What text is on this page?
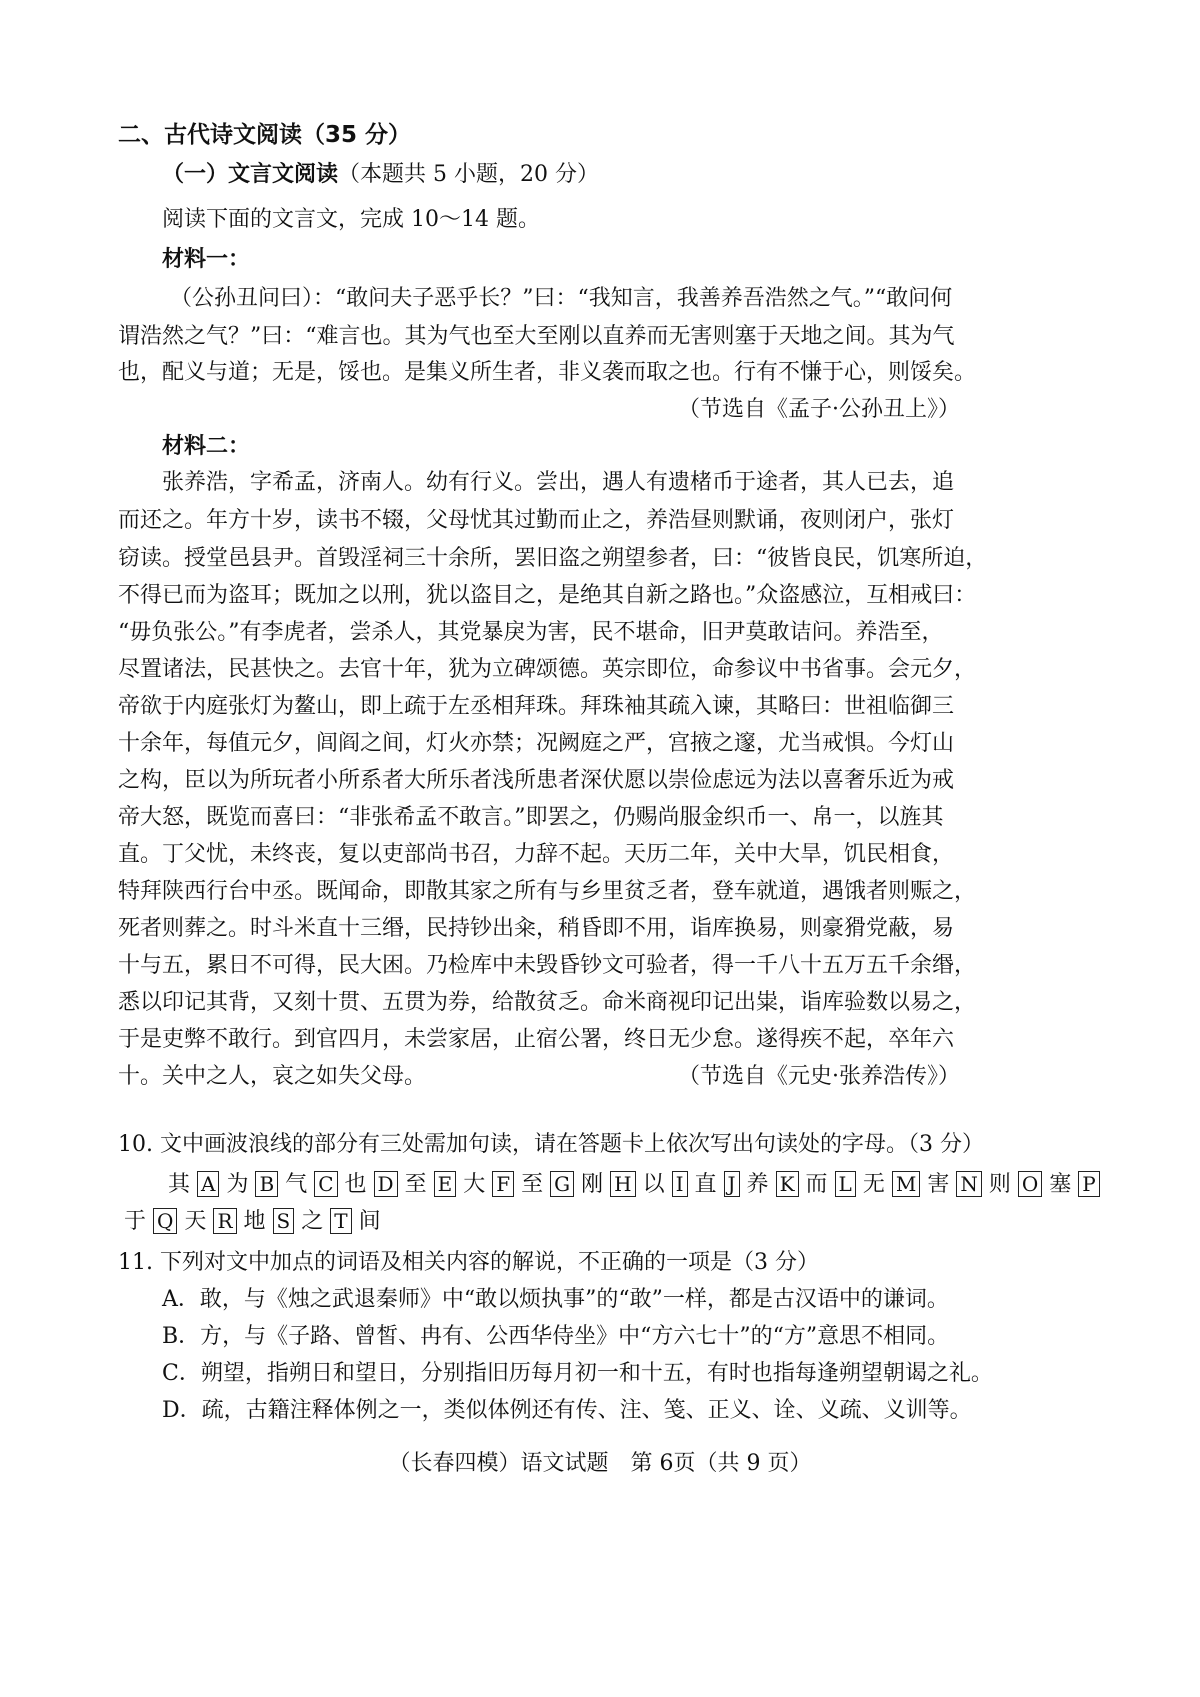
二、古代诗文阅读（35 分）
（一）文言文阅读（本题共 5 小题，20 分）
阅读下面的文言文，完成 10～14 题。
材料一：
（公孙丑问曰）：“敢问夫子恶乎长？”曰：“我知言，我善养吾浩然之气。”“敢问何
谓浩然之气？”曰：“难言也。其为气也至大至刚以直养而无害则塞于天地之间。其为气
也，配义与道；无是，馁也。是集义所生者，非义袭而取之也。行有不慊于心，则馁矣。
（节选自《孟子·公孙丑上》）
材料二：
张养浩，字希孟，济南人。幼有行义。尝出，遇人有遗楮币于途者，其人已去，追
而还之。年方十岁，读书不辍，父母忧其过勤而止之，养浩昼则默诵，夜则闭户，张灯
窃读。授堂邑县尹。首毁淫祠三十余所，罢旧盗之朔望参者，曰：“彼皆良民，饥寒所迫，
不得已而为盗耳；既加之以刑，犹以盗目之，是绝其自新之路也。”众盗感泣，互相戒曰：
“毋负张公。”有李虎者，尝杀人，其党暴戾为害，民不堪命，旧尹莫敢诘问。养浩至，
尽置诸法，民甚快之。去官十年，犹为立碑颂德。英宗即位，命参议中书省事。会元夕，
帝欲于内庭张灯为鳌山，即上疏于左丞相拜珠。拜珠袖其疏入谏，其略曰：世祖临御三
十余年，每值元夕，闾阎之间，灯火亦禁；况阙庭之严，宫掖之邃，尤当戒惧。今灯山
之构，臣以为所玩者小所系者大所乐者浅所患者深伏愿以崇俭虑远为法以喜奢乐近为戒
帝大怒，既览而喜曰：“非张希孟不敢言。”即罢之，仍赐尚服金织币一、帛一，以旌其
直。丁父忧，未终丧，复以吏部尚书召，力辞不起。天历二年，关中大旱，饥民相食，
特拜陕西行台中丞。既闻命，即散其家之所有与乡里贫乏者，登车就道，遇饿者则赈之，
死者则葬之。时斗米直十三缗，民持钞出籴，稍昏即不用，诣库换易，则豪猾党蔽，易
十与五，累日不可得，民大困。乃检库中未毁昏钞文可验者，得一千八十五万五千余缗，
悉以印记其背，又刻十贯、五贯为券，给散贫乏。命米商视印记出粜，诣库验数以易之，
于是吏弊不敢行。到官四月，未尝家居，止宿公署，终日无少怠。遂得疾不起，卒年六
十。关中之人，哀之如失父母。	（节选自《元史·张养浩传》）
10. 文中画波浪线的部分有三处需加句读，请在答题卡上依次写出句读处的字母。（3 分）
其 A 为 B 气 C 也 D 至 E 大 F 至 G 刚 H 以 I 直 J 养 K 而 L 无 M 害 N 则 O 塞 P
于 Q 天 R 地 S 之 T 间
11. 下列对文中加点的词语及相关内容的解说，不正确的一项是（3 分）
A．敢，与《烛之武退秦师》中“敢以烦执事”的“敢”一样，都是古汉语中的谦词。
B．方，与《子路、曾皙、冉有、公西华侍坐》中“方六七十”的“方”意思不相同。
C．朔望，指朔日和望日，分别指旧历每月初一和十五，有时也指每逢朔望朝谒之礼。
D．疏，古籍注释体例之一，类似体例还有传、注、笺、正义、诠、义疏、义训等。
（长春四模）语文试题　第 6页（共 9 页）
